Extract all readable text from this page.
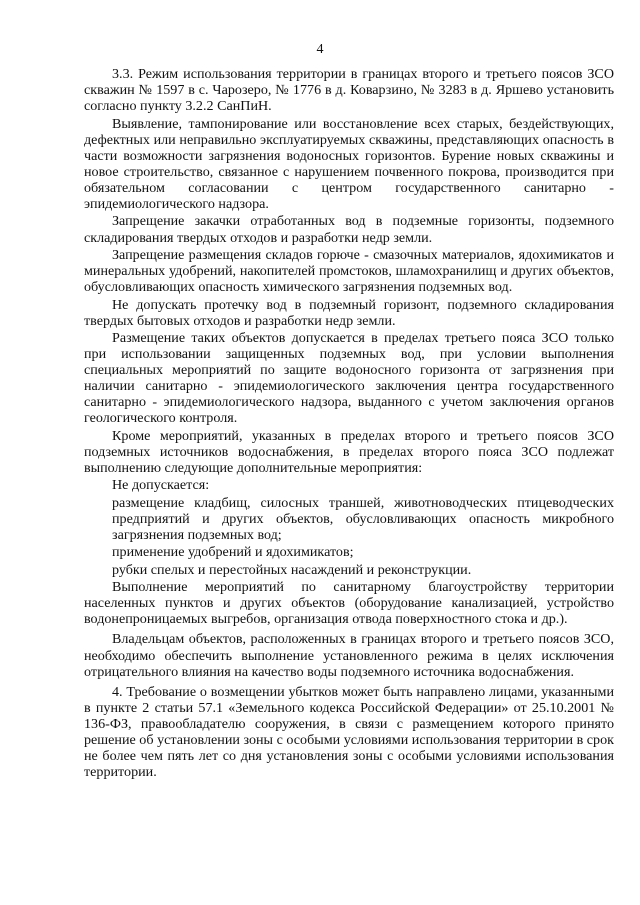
4

3.3. Режим использования территории в границах второго и третьего поясов ЗСО скважин № 1597 в с. Чарозеро, № 1776 в д. Коварзино, № 3283 в д. Яршево установить согласно пункту 3.2.2 СанПиН.

Выявление, тампонирование или восстановление всех старых, бездействующих, дефектных или неправильно эксплуатируемых скважины, представляющих опасность в части возможности загрязнения водоносных горизонтов. Бурение новых скважины и новое строительство, связанное с нарушением почвенного покрова, производится при обязательном согласовании с центром государственного санитарно - эпидемиологического надзора.

Запрещение закачки отработанных вод в подземные горизонты, подземного складирования твердых отходов и разработки недр земли.

Запрещение размещения складов горюче - смазочных материалов, ядохимикатов и минеральных удобрений, накопителей промстоков, шламохранилищ и других объектов, обусловливающих опасность химического загрязнения подземных вод.

Не допускать протечку вод в подземный горизонт, подземного складирования твердых бытовых отходов и разработки недр земли.

Размещение таких объектов допускается в пределах третьего пояса ЗСО только при использовании защищенных подземных вод, при условии выполнения специальных мероприятий по защите водоносного горизонта от загрязнения при наличии санитарно - эпидемиологического заключения центра государственного санитарно - эпидемиологического надзора, выданного с учетом заключения органов геологического контроля.

Кроме мероприятий, указанных в пределах второго и третьего поясов ЗСО подземных источников водоснабжения, в пределах второго пояса ЗСО подлежат выполнению следующие дополнительные мероприятия:

Не допускается:

размещение кладбищ, силосных траншей, животноводческих птицеводческих предприятий и других объектов, обусловливающих опасность микробного загрязнения подземных вод;

применение удобрений и ядохимикатов;

рубки спелых и перестойных насаждений и реконструкции.

Выполнение мероприятий по санитарному благоустройству территории населенных пунктов и других объектов (оборудование канализацией, устройство водонепроницаемых выгребов, организация отвода поверхностного стока и др.).

Владельцам объектов, расположенных в границах второго и третьего поясов ЗСО, необходимо обеспечить выполнение установленного режима в целях исключения отрицательного влияния на качество воды подземного источника водоснабжения.

4. Требование о возмещении убытков может быть направлено лицами, указанными в пункте 2 статьи 57.1 «Земельного кодекса Российской Федерации» от 25.10.2001 № 136-ФЗ, правообладателю сооружения, в связи с размещением которого принято решение об установлении зоны с особыми условиями использования территории в срок не более чем пять лет со дня установления зоны с особыми условиями использования территории.
